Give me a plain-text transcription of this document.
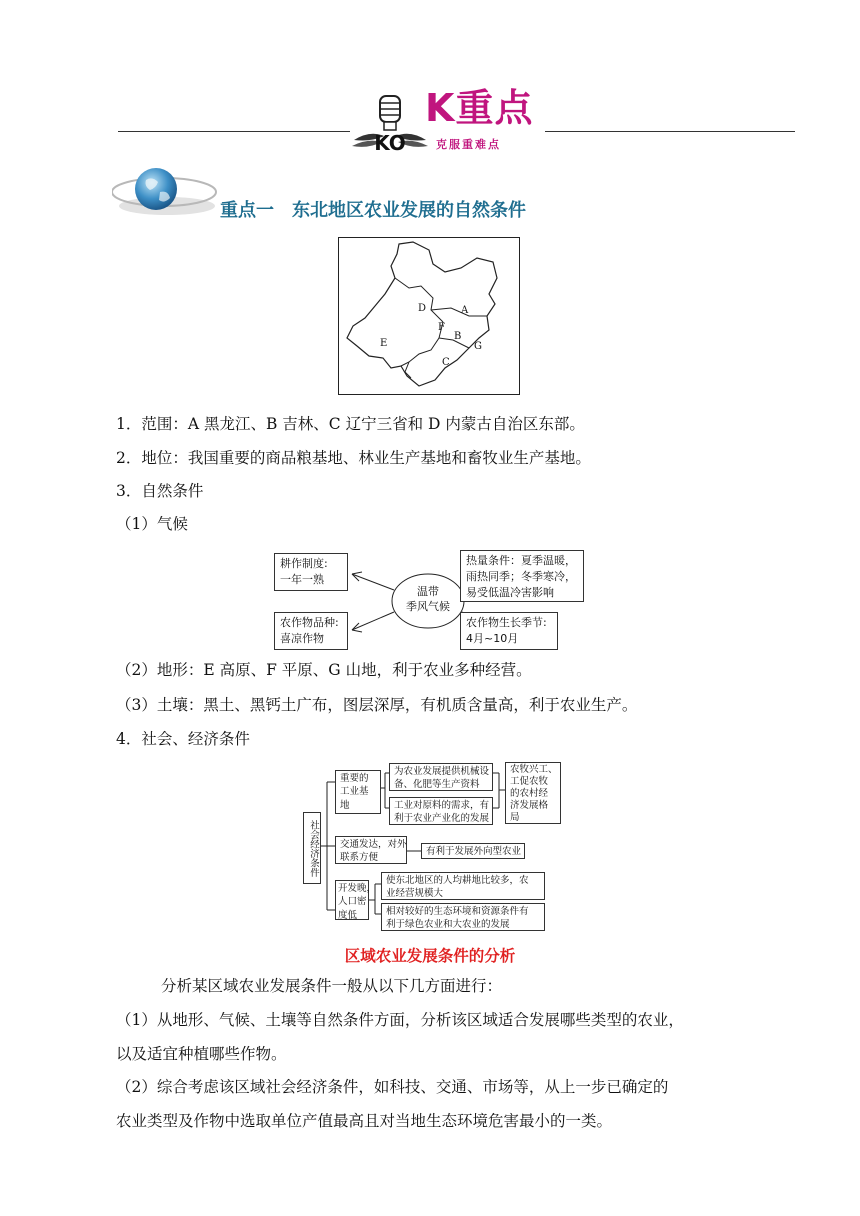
KO
K重点
克服重难点
重点一　东北地区农业发展的自然条件
D	A
F
B
E	G
C
1．范围：A 黑龙江、B 吉林、C 辽宁三省和 D 内蒙古自治区东部。
2．地位：我国重要的商品粮基地、林业生产基地和畜牧业生产基地。
3．自然条件
（1）气候
温带
季风气候
耕作制度:
一年一熟
农作物品种:
喜凉作物
热量条件：夏季温暖，
雨热同季；冬季寒冷，
易受低温冷害影响
农作物生长季节:
4月~10月
（2）地形：E 高原、F 平原、G 山地，利于农业多种经营。
（3）土壤：黑土、黑钙土广布，图层深厚，有机质含量高，利于农业生产。
4．社会、经济条件
社会经济条件
重要的
工业基
地
为农业发展提供机械设
备、化肥等生产资料
工业对原料的需求，有
利于农业产业化的发展
农牧兴工、
工促农牧
的农村经
济发展格
局
交通发达，对外
联系方便
有利于发展外向型农业
开发晚，
人口密
度低
使东北地区的人均耕地比较多，农
业经营规模大
相对较好的生态环境和资源条件有
利于绿色农业和大农业的发展
区域农业发展条件的分析
分析某区域农业发展条件一般从以下几方面进行：
（1）从地形、气候、土壤等自然条件方面，分析该区域适合发展哪些类型的农业，
以及适宜种植哪些作物。
（2）综合考虑该区域社会经济条件，如科技、交通、市场等，从上一步已确定的
农业类型及作物中选取单位产值最高且对当地生态环境危害最小的一类。
